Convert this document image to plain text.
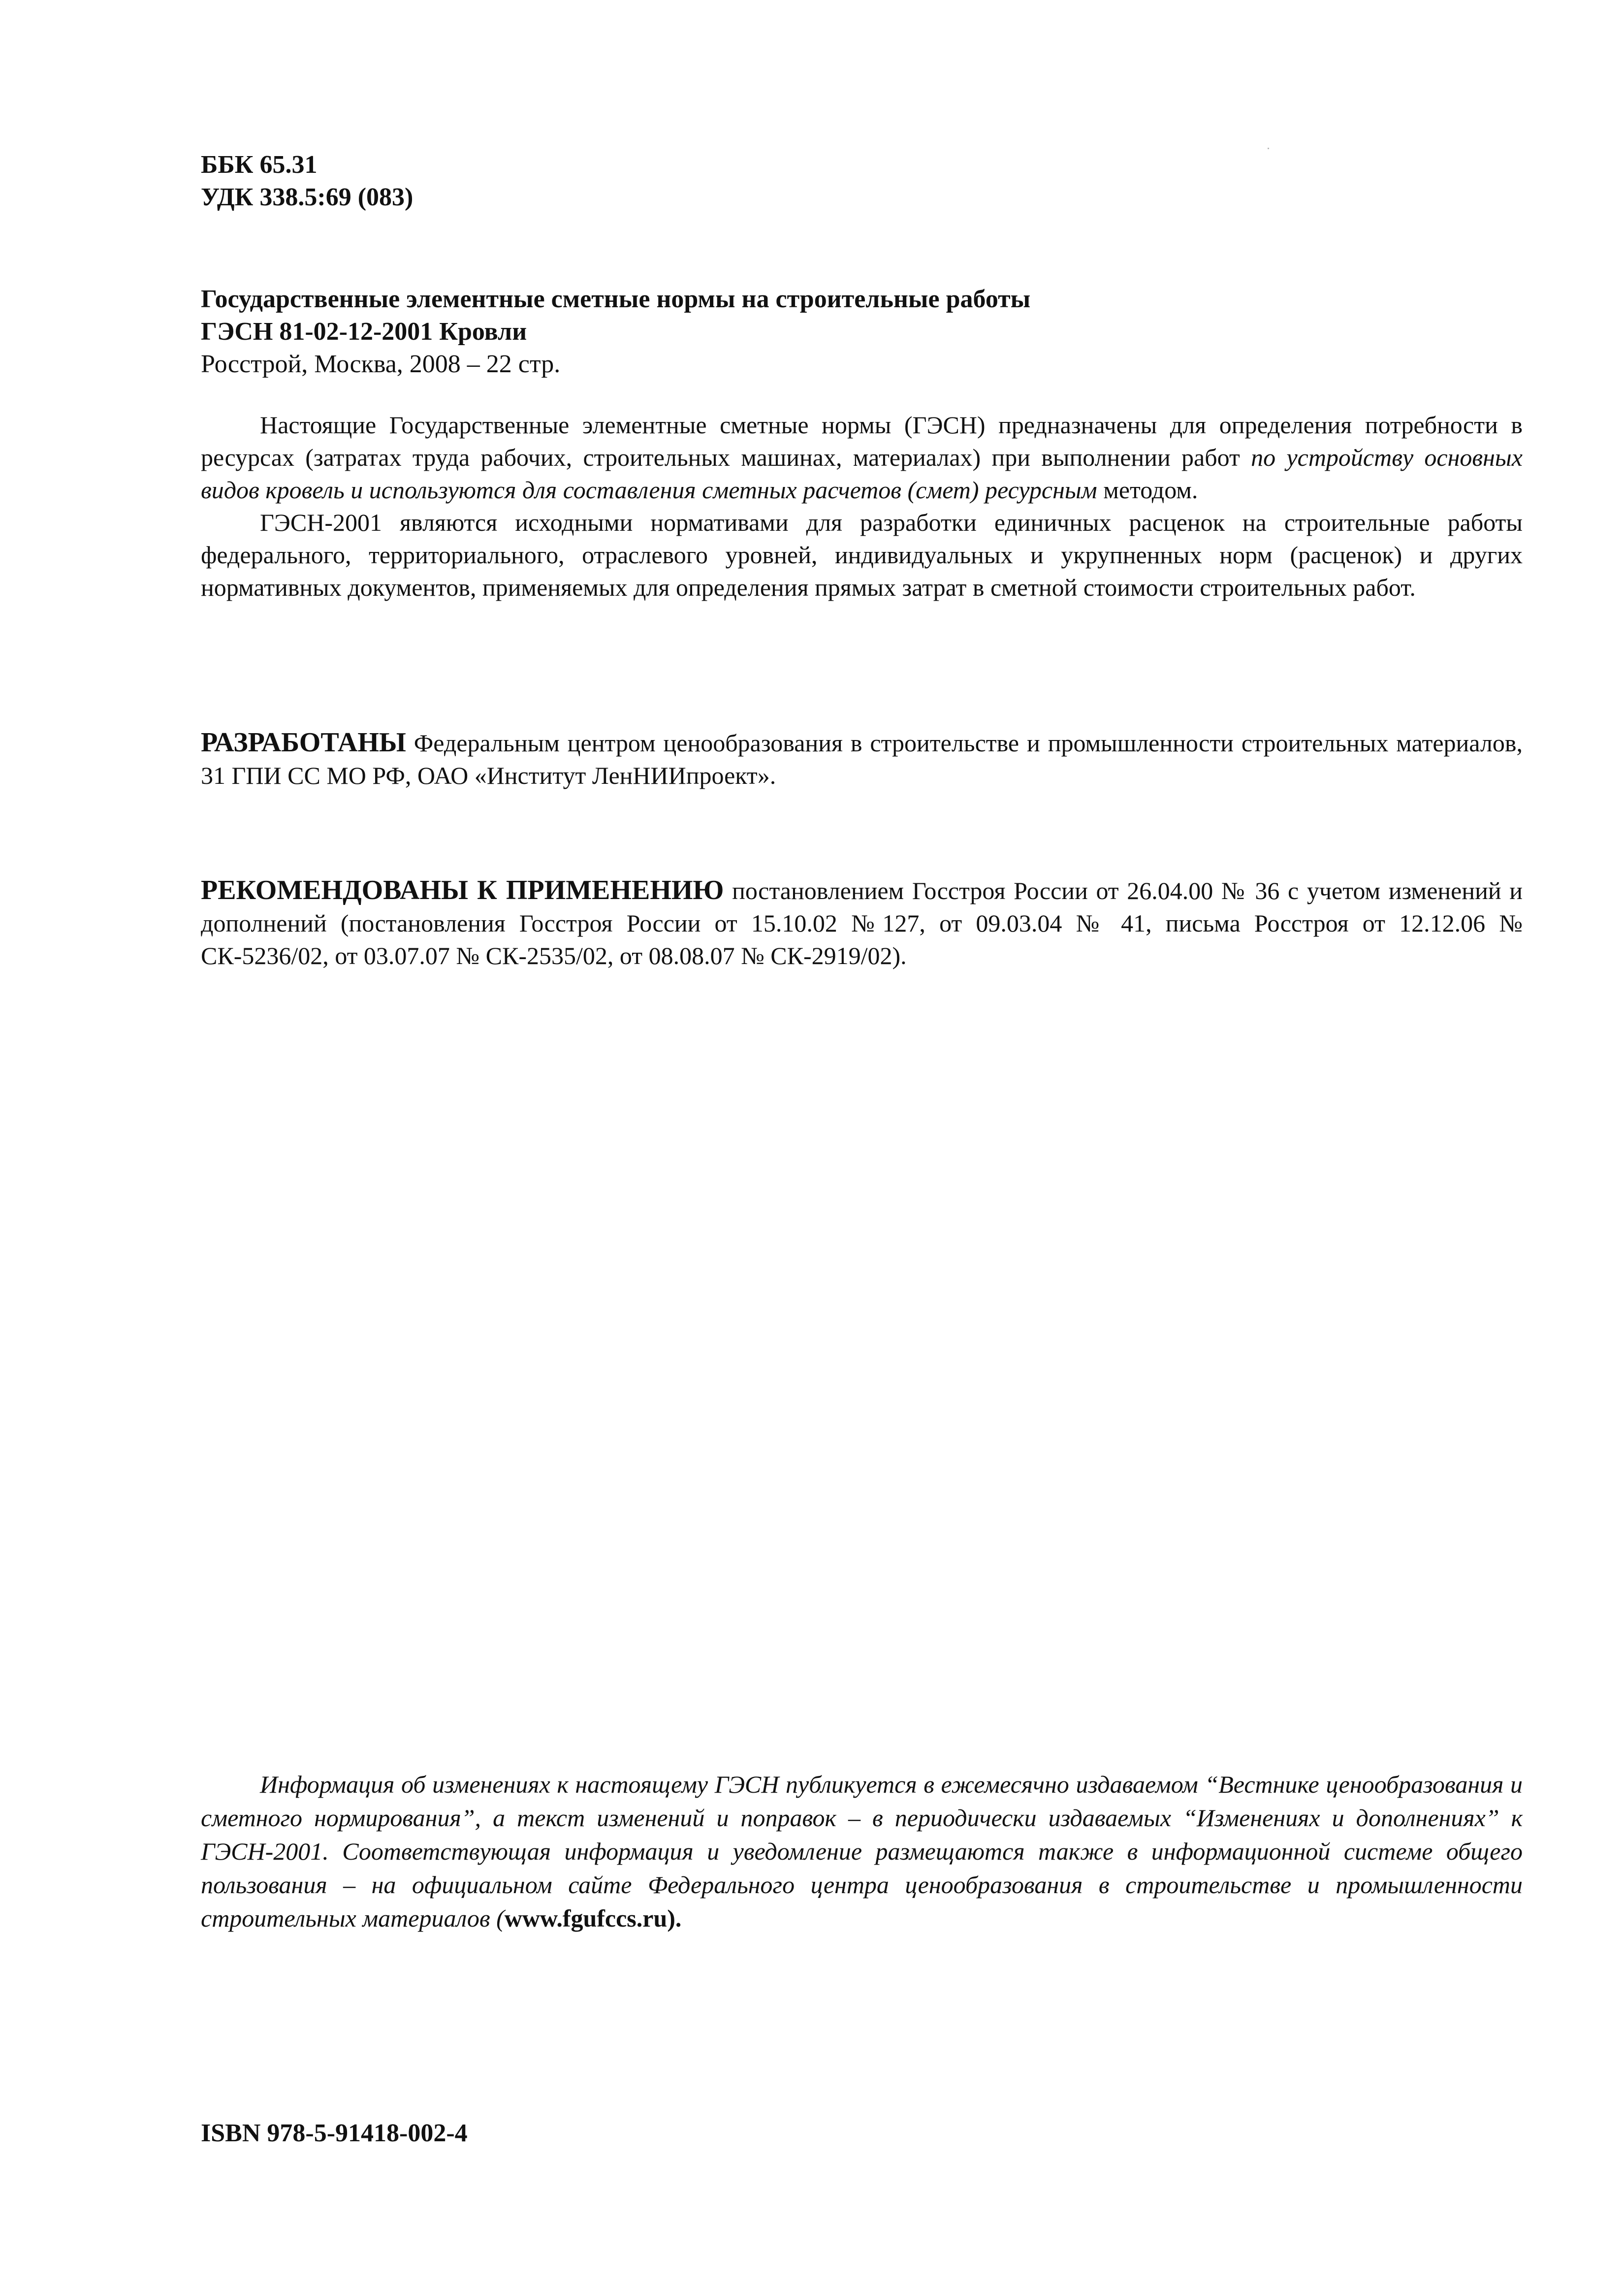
ББК 65.31
УДК 338.5:69 (083)
Государственные элементные сметные нормы на строительные работы
ГЭСН 81-02-12-2001 Кровли
Росстрой, Москва, 2008 – 22 стр.

Настоящие Государственные элементные сметные нормы (ГЭСН) предназначены для определения потребности в ресурсах (затратах труда рабочих, строительных машинах, материалах) при выполнении работ по устройству основных видов кровель и используются для составления сметных расчетов (смет) ресурсным методом.

ГЭСН-2001 являются исходными нормативами для разработки единичных расценок на строительные работы федерального, территориального, отраслевого уровней, индивидуальных и укрупненных норм (расценок) и других нормативных документов, применяемых для определения прямых затрат в сметной стоимости строительных работ.

РАЗРАБОТАНЫ Федеральным центром ценообразования в строительстве и промышленности строительных материалов, 31 ГПИ СС МО РФ, ОАО «Институт ЛенНИИпроект».
РЕКОМЕНДОВАНЫ К ПРИМЕНЕНИЮ постановлением Госстроя России от 26.04.00 № 36 с учетом изменений и дополнений (постановления Госстроя России от 15.10.02 №127, от 09.03.04 № 41, письма Росстроя от 12.12.06 № СК-5236/02, от 03.07.07 № СК-2535/02, от 08.08.07 № СК-2919/02).

Информация об изменениях к настоящему ГЭСН публикуется в ежемесячно издаваемом “Вестнике ценообразования и сметного нормирования”, а текст изменений и поправок – в периодически издаваемых “Изменениях и дополнениях” к ГЭСН-2001. Соответствующая информация и уведомление размещаются также в информационной системе общего пользования – на официальном сайте Федерального центра ценообразования в строительстве и промышленности строительных материалов (www.fgufccs.ru).

ISBN 978-5-91418-002-4
